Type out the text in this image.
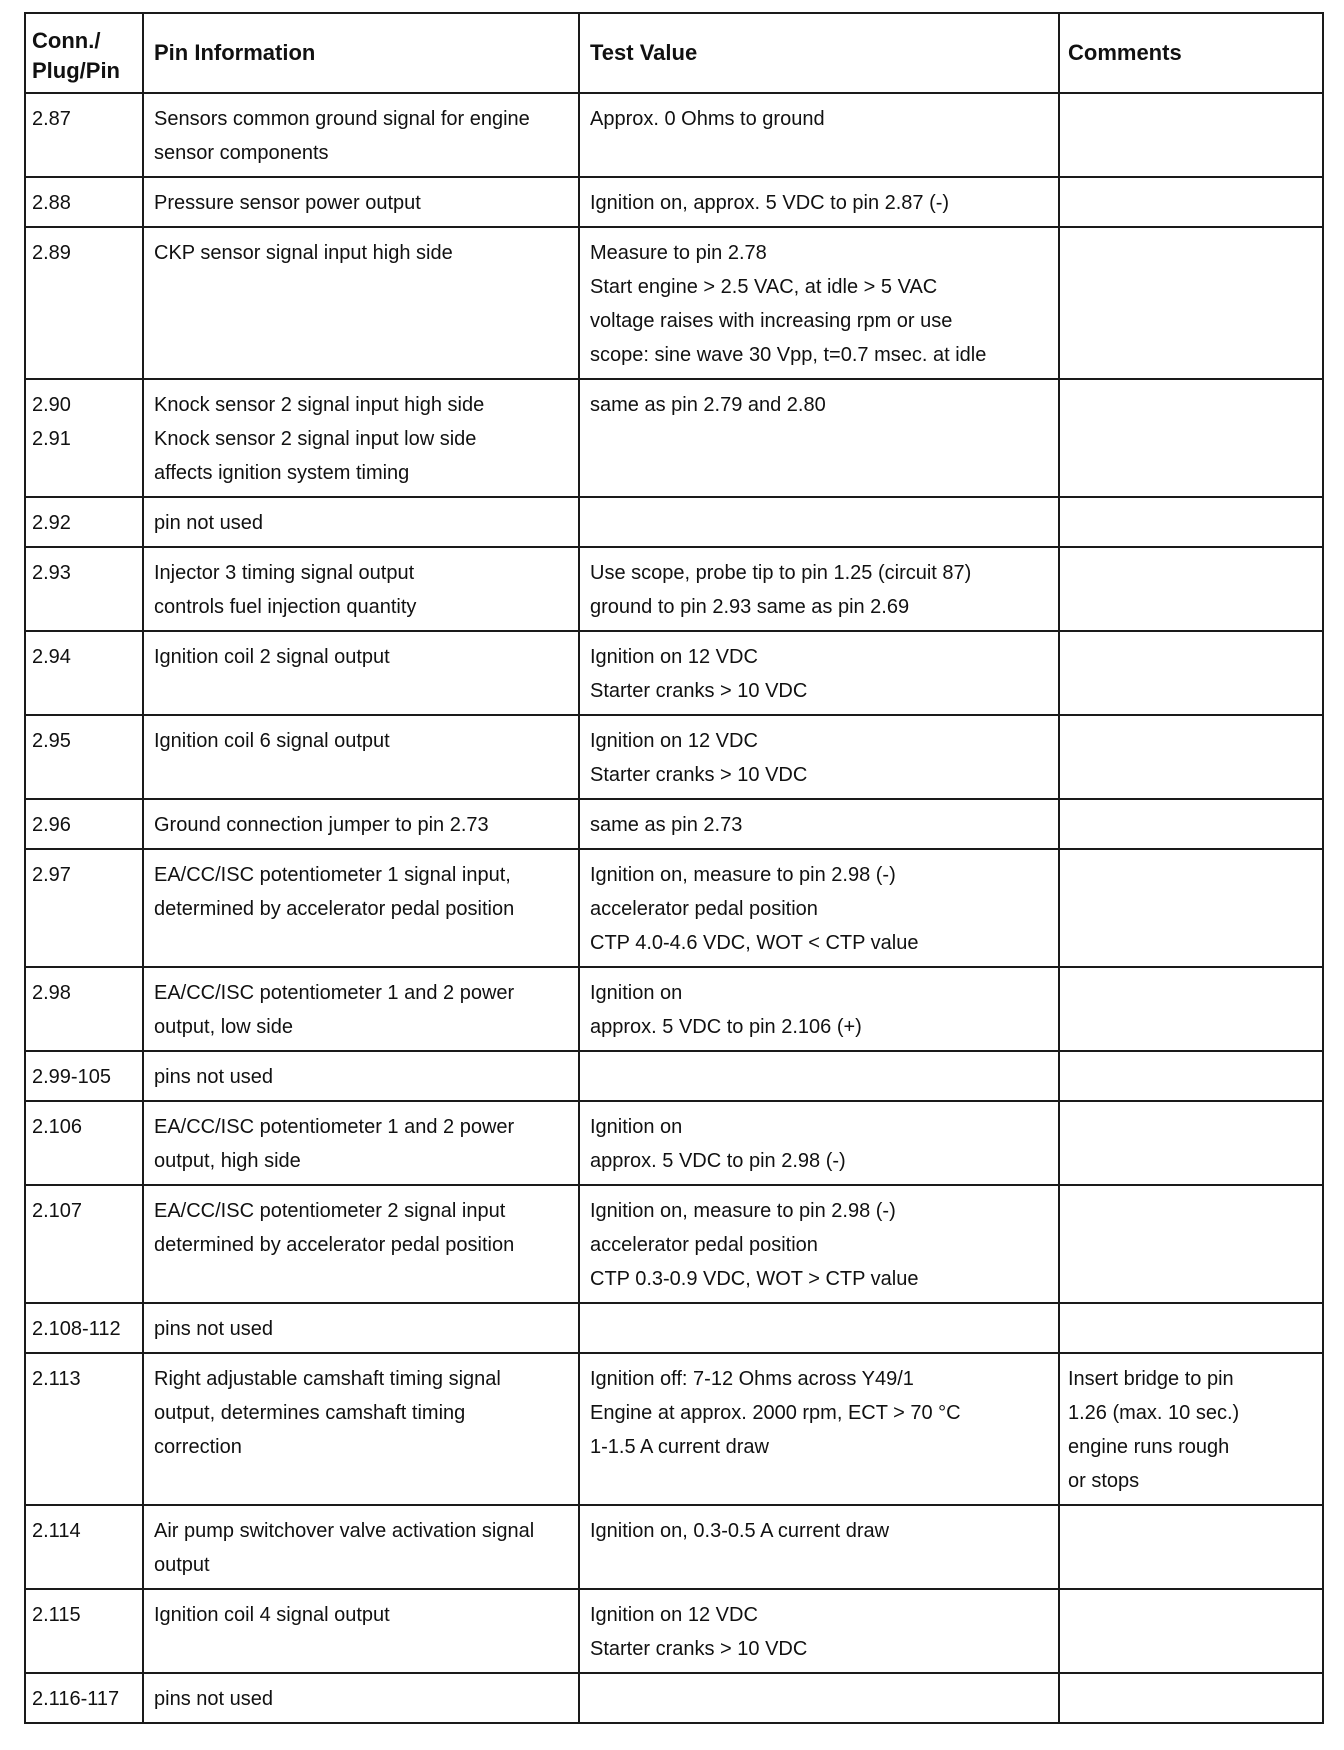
Conn./
Plug/Pin	Pin Information	Test Value	Comments

2.87	Sensors common ground signal for engine
sensor components	Approx. 0 Ohms to ground	

2.88	Pressure sensor power output	Ignition on, approx. 5 VDC to pin 2.87 (-)	

2.89	CKP sensor signal input high side	Measure to pin 2.78
Start engine > 2.5 VAC, at idle > 5 VAC
voltage raises with increasing rpm or use
scope: sine wave 30 Vpp, t=0.7 msec. at idle	

2.90
2.91	Knock sensor 2 signal input high side
Knock sensor 2 signal input low side
affects ignition system timing	same as pin 2.79 and 2.80	

2.92	pin not used		

2.93	Injector 3 timing signal output
controls fuel injection quantity	Use scope, probe tip to pin 1.25 (circuit 87)
ground to pin 2.93 same as pin 2.69	

2.94	Ignition coil 2 signal output	Ignition on 12 VDC
Starter cranks > 10 VDC	

2.95	Ignition coil 6 signal output	Ignition on 12 VDC
Starter cranks > 10 VDC	

2.96	Ground connection jumper to pin 2.73	same as pin 2.73	

2.97	EA/CC/ISC potentiometer 1 signal input,
determined by accelerator pedal position	Ignition on, measure to pin 2.98 (-)
accelerator pedal position
CTP 4.0-4.6 VDC, WOT < CTP value	

2.98	EA/CC/ISC potentiometer 1 and 2 power
output, low side	Ignition on
approx. 5 VDC to pin 2.106 (+)	

2.99-105	pins not used		

2.106	EA/CC/ISC potentiometer 1 and 2 power
output, high side	Ignition on
approx. 5 VDC to pin 2.98 (-)	

2.107	EA/CC/ISC potentiometer 2 signal input
determined by accelerator pedal position	Ignition on, measure to pin 2.98 (-)
accelerator pedal position
CTP 0.3-0.9 VDC, WOT > CTP value	

2.108-112	pins not used		

2.113	Right adjustable camshaft timing signal
output, determines camshaft timing
correction	Ignition off: 7-12 Ohms across Y49/1
Engine at approx. 2000 rpm, ECT > 70 °C
1-1.5 A current draw	Insert bridge to pin
1.26 (max. 10 sec.)
engine runs rough
or stops

2.114	Air pump switchover valve activation signal
output	Ignition on, 0.3-0.5 A current draw	

2.115	Ignition coil 4 signal output	Ignition on 12 VDC
Starter cranks > 10 VDC	

2.116-117	pins not used		
